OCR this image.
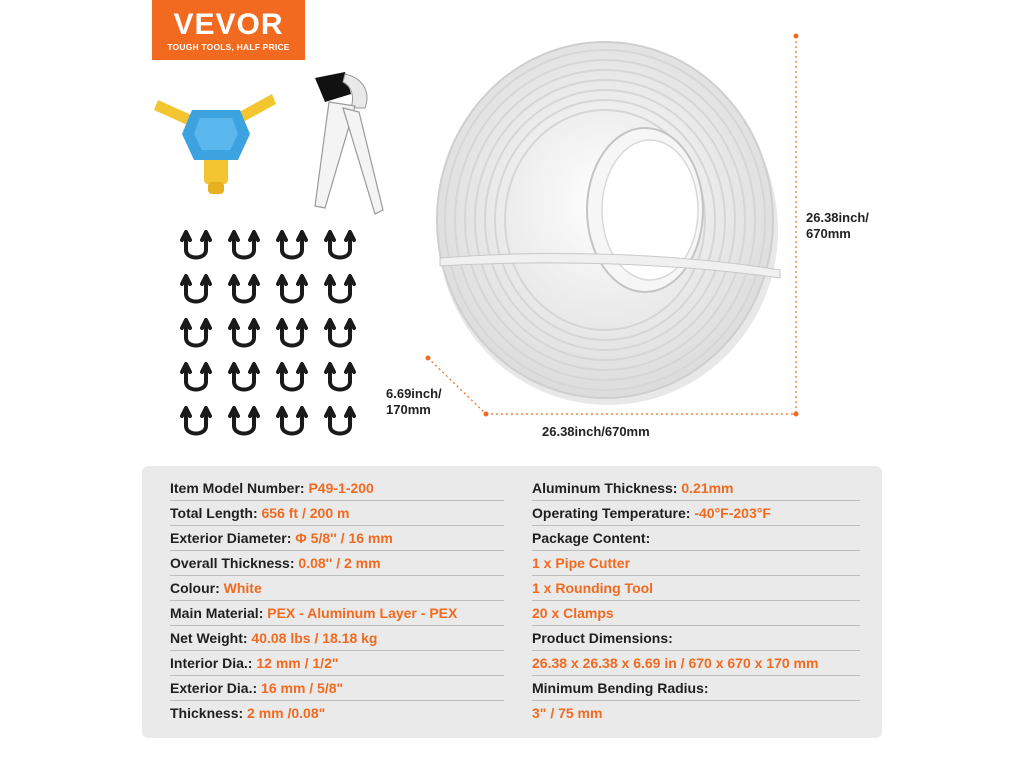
VEVOR
TOUGH TOOLS, HALF PRICE
26.38inch/
670mm
26.38inch/670mm
6.69inch/
170mm
Item Model Number: P49-1-200
Total Length: 656 ft / 200 m
Exterior Diameter: Φ 5/8'' / 16 mm
Overall Thickness: 0.08'' / 2 mm
Colour: White
Main Material: PEX - Aluminum Layer - PEX
Net Weight: 40.08 lbs / 18.18 kg
Interior Dia.: 12 mm / 1/2"
Exterior Dia.: 16 mm / 5/8"
Thickness: 2 mm /0.08"
Aluminum Thickness: 0.21mm
Operating Temperature: -40°F-203°F
Package Content:
1 x Pipe Cutter
1 x Rounding Tool
20 x Clamps
Product Dimensions:
26.38 x 26.38 x 6.69 in / 670 x 670 x 170 mm
Minimum Bending Radius:
3" / 75 mm
